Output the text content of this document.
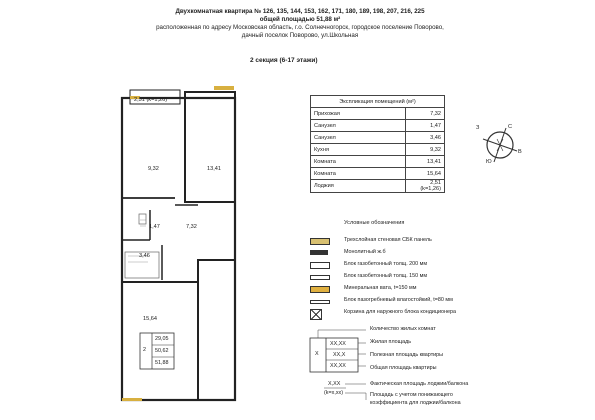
Двухкомнатная квартира № 126, 135, 144, 153, 162, 171, 180, 189, 198, 207, 216, 225
общей площадью 51,88 м²
расположенная по адресу Московская область, г.о. Солнечногорск, городское поселение Поворово,
дачный поселок Поворово, ул.Школьная
2 секция (6-17 этажи)
2,51 (k=1,26)
9,32	13,41
1,47	7,32
3,46
15,64
2
29,05
50,62
51,88
Экспликация помещений (м²)	
Прихожая	7,32
Санузел	1,47
Санузел	3,46
Кухня	9,32
Комната	13,41
Комната	15,64
Лоджия	2,51 (k=1,26)
С
Ю
В
З
Условные обозначения
Трехслойная стеновая СБК панель
Монолитный ж.б
Блок газобетонный толщ. 200 мм
Блок газобетонный толщ. 150 мм
Минеральная вата, t=150 мм
Блок пазогребневый влагостойкий, t=80 мм
Корзина для наружного блока кондиционера
X
XX,XX
XX,X
XX,XX
Количество жилых комнат
Жилая площадь
Полезная площадь квартиры
Общая площадь квартиры
X,XX
(k=x,xx)
Фактическая площадь лоджии/балкона
Площадь с учетом понижающего
коэффициента для лоджии/балкона
